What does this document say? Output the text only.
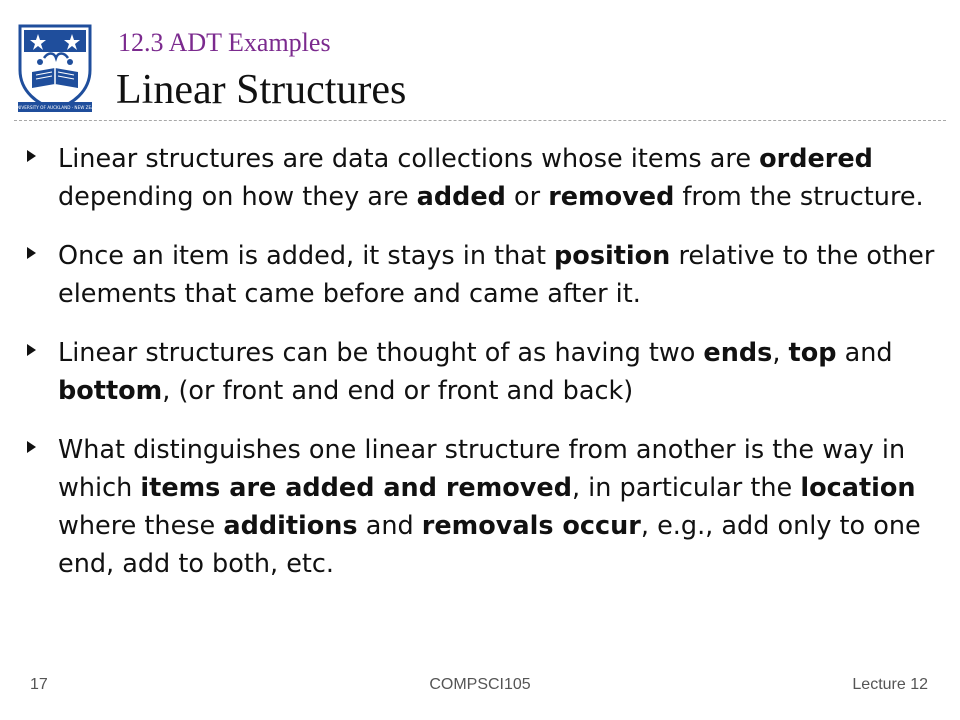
THE UNIVERSITY OF AUCKLAND · NEW ZEALAND
12.3 ADT Examples
Linear Structures
Linear structures are data collections whose items are ordered depending on how they are added or removed from the structure.
Once an item is added, it stays in that position relative to the other elements that came before and came after it.
Linear structures can be thought of as having two ends, top and bottom, (or front and end or front and back)
What distinguishes one linear structure from another is the way in which items are added and removed, in particular the location where these additions and removals occur, e.g., add only to one end, add to both, etc.
17	COMPSCI105	Lecture 12
